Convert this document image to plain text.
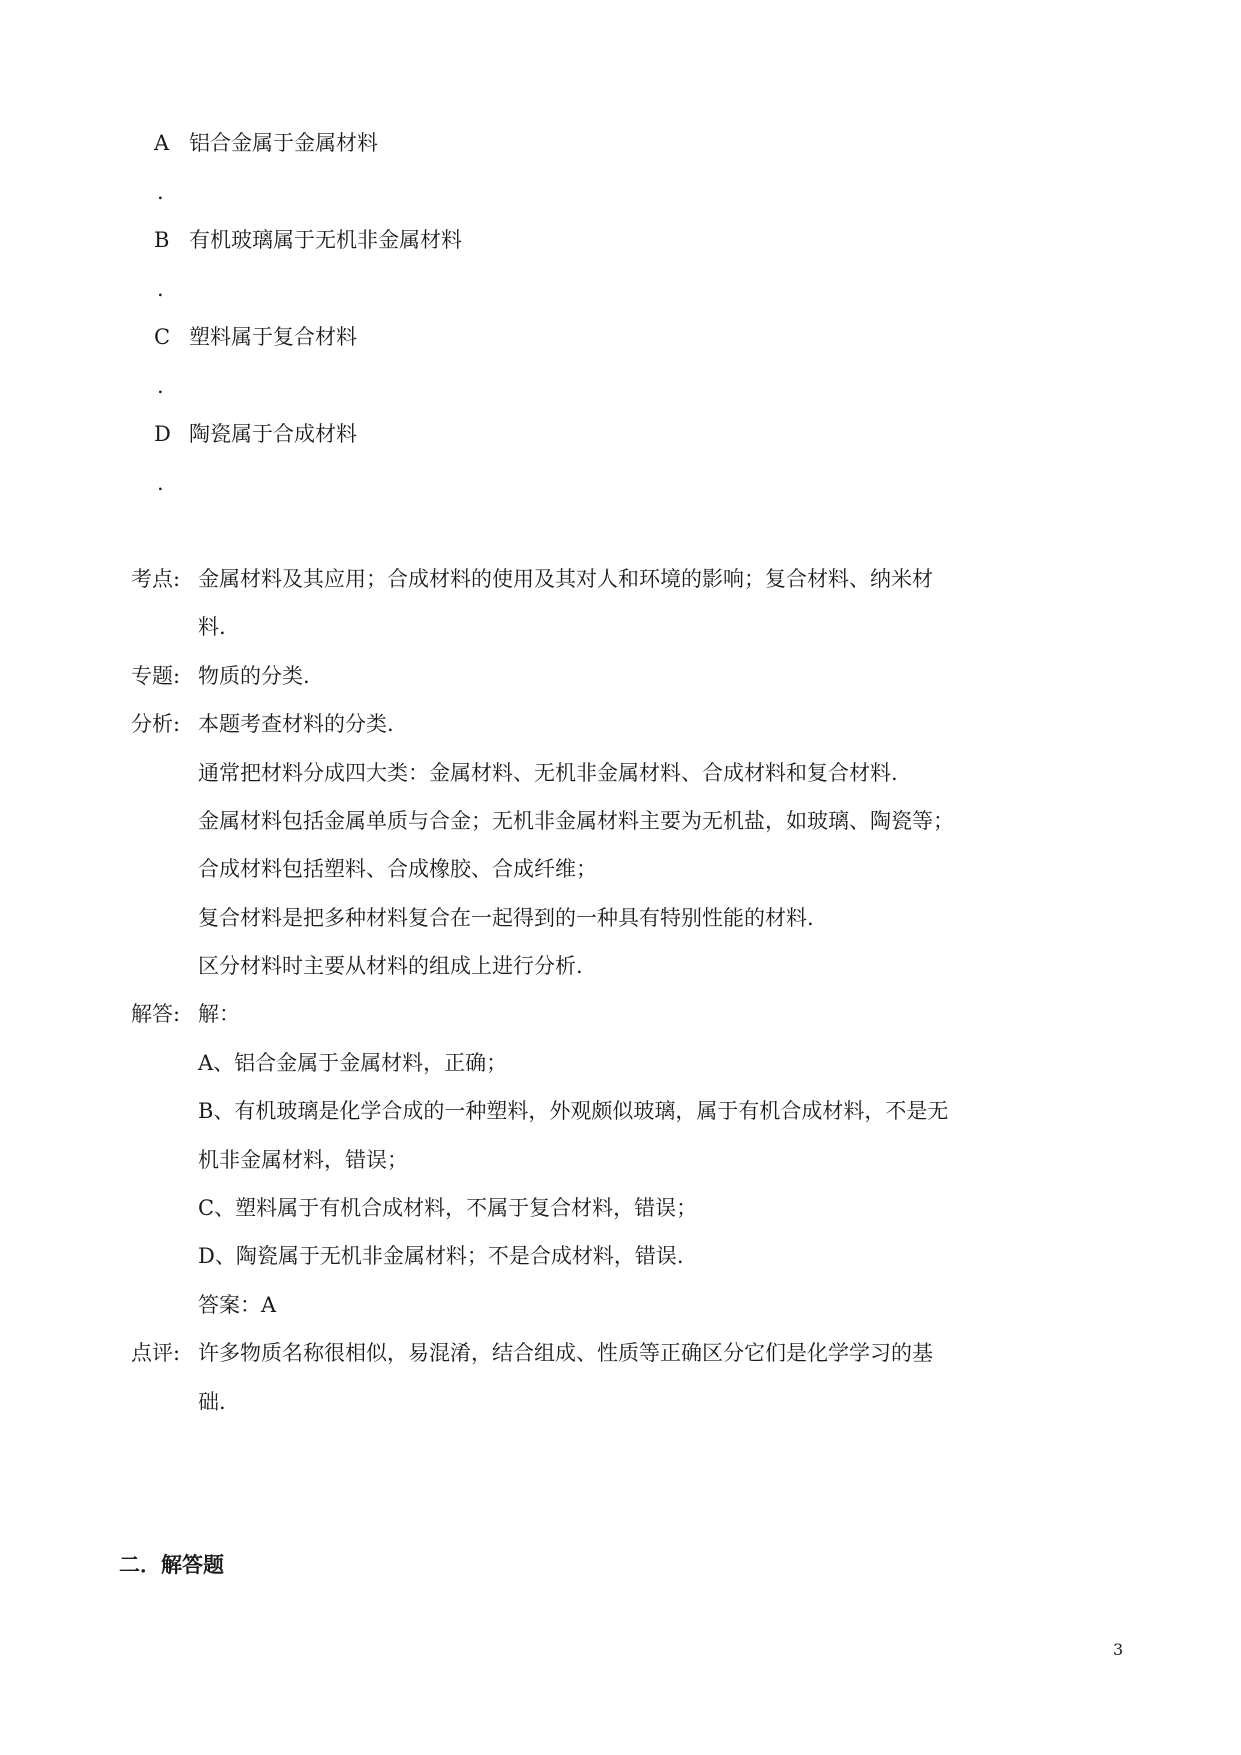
A 铝合金属于金属材料
.
B 有机玻璃属于无机非金属材料
.
C 塑料属于复合材料
.
D 陶瓷属于合成材料
.
考点: 金属材料及其应用；合成材料的使用及其对人和环境的影响；复合材料、纳米材
料.
专题: 物质的分类.
分析: 本题考查材料的分类.
通常把材料分成四大类：金属材料、无机非金属材料、合成材料和复合材料.
金属材料包括金属单质与合金；无机非金属材料主要为无机盐，如玻璃、陶瓷等；
合成材料包括塑料、合成橡胶、合成纤维；
复合材料是把多种材料复合在一起得到的一种具有特别性能的材料.
区分材料时主要从材料的组成上进行分析.
解答: 解：
A、铝合金属于金属材料，正确；
B、有机玻璃是化学合成的一种塑料，外观颇似玻璃，属于有机合成材料，不是无
机非金属材料，错误；
C、塑料属于有机合成材料，不属于复合材料，错误；
D、陶瓷属于无机非金属材料；不是合成材料，错误.
答案：A
点评: 许多物质名称很相似，易混淆，结合组成、性质等正确区分它们是化学学习的基
础.
二．解答题
3
